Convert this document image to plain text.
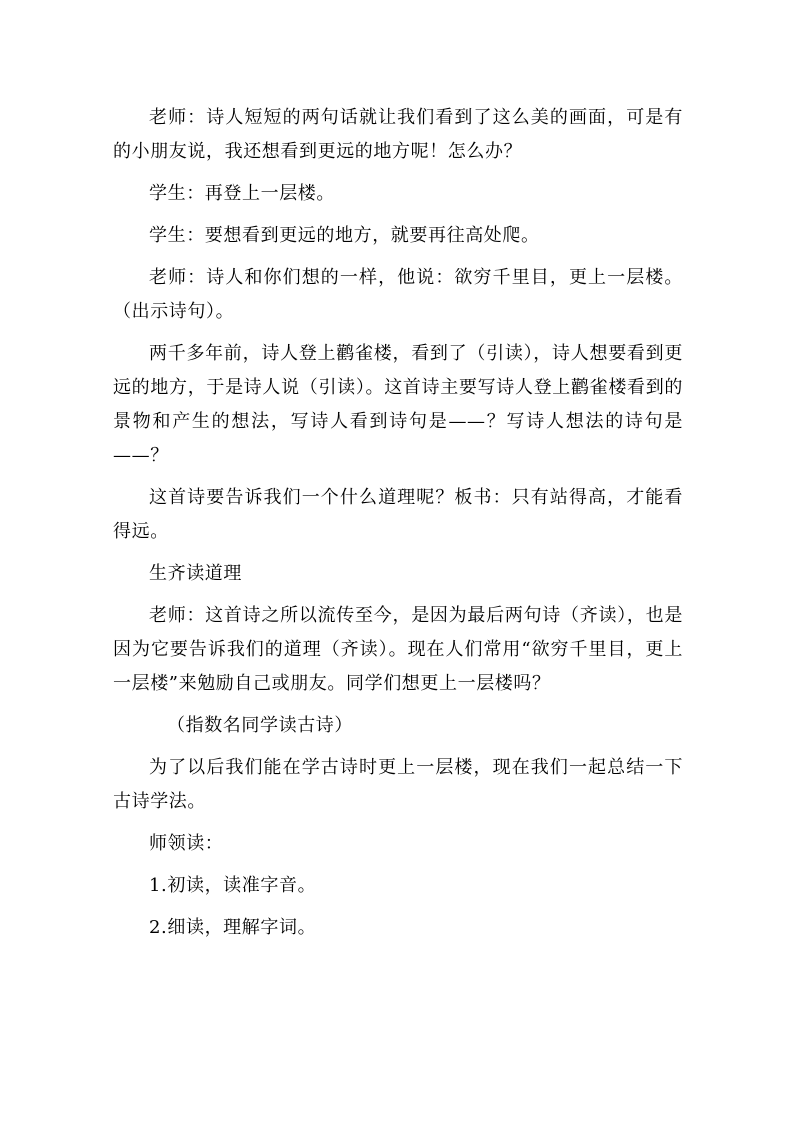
老师：诗人短短的两句话就让我们看到了这么美的画面，可是有的小朋友说，我还想看到更远的地方呢！怎么办？

学生：再登上一层楼。

学生：要想看到更远的地方，就要再往高处爬。

老师：诗人和你们想的一样，他说：欲穷千里目，更上一层楼。（出示诗句）。

两千多年前，诗人登上鹳雀楼，看到了（引读），诗人想要看到更远的地方，于是诗人说（引读）。这首诗主要写诗人登上鹳雀楼看到的景物和产生的想法，写诗人看到诗句是——？写诗人想法的诗句是——？

这首诗要告诉我们一个什么道理呢？板书：只有站得高，才能看得远。

生齐读道理

老师：这首诗之所以流传至今，是因为最后两句诗（齐读），也是因为它要告诉我们的道理（齐读）。现在人们常用“欲穷千里目，更上一层楼”来勉励自己或朋友。同学们想更上一层楼吗？

（指数名同学读古诗）

为了以后我们能在学古诗时更上一层楼，现在我们一起总结一下古诗学法。

师领读：

1.初读，读准字音。

2.细读，理解字词。
